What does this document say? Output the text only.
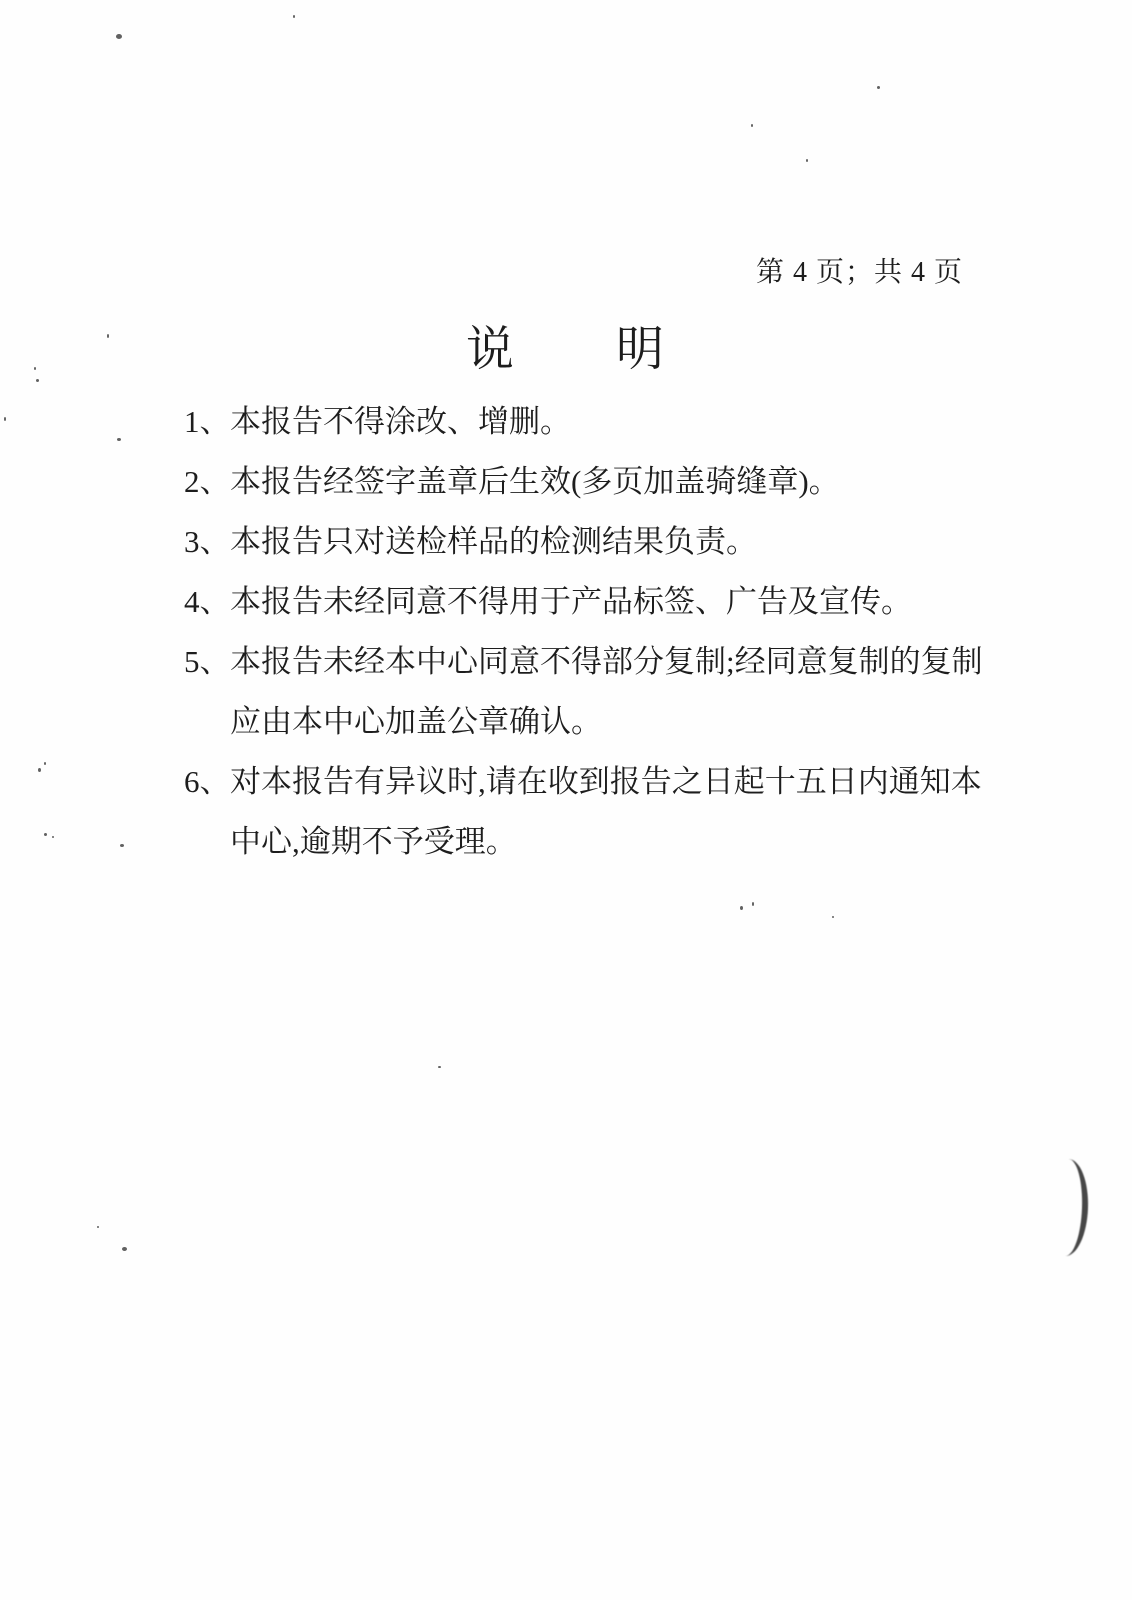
第 4 页；共 4 页
说　　明
1、本报告不得涂改、增删。
2、本报告经签字盖章后生效(多页加盖骑缝章)。
3、本报告只对送检样品的检测结果负责。
4、本报告未经同意不得用于产品标签、广告及宣传。
5、本报告未经本中心同意不得部分复制;经同意复制的复制
应由本中心加盖公章确认。
6、对本报告有异议时,请在收到报告之日起十五日内通知本
中心,逾期不予受理。
